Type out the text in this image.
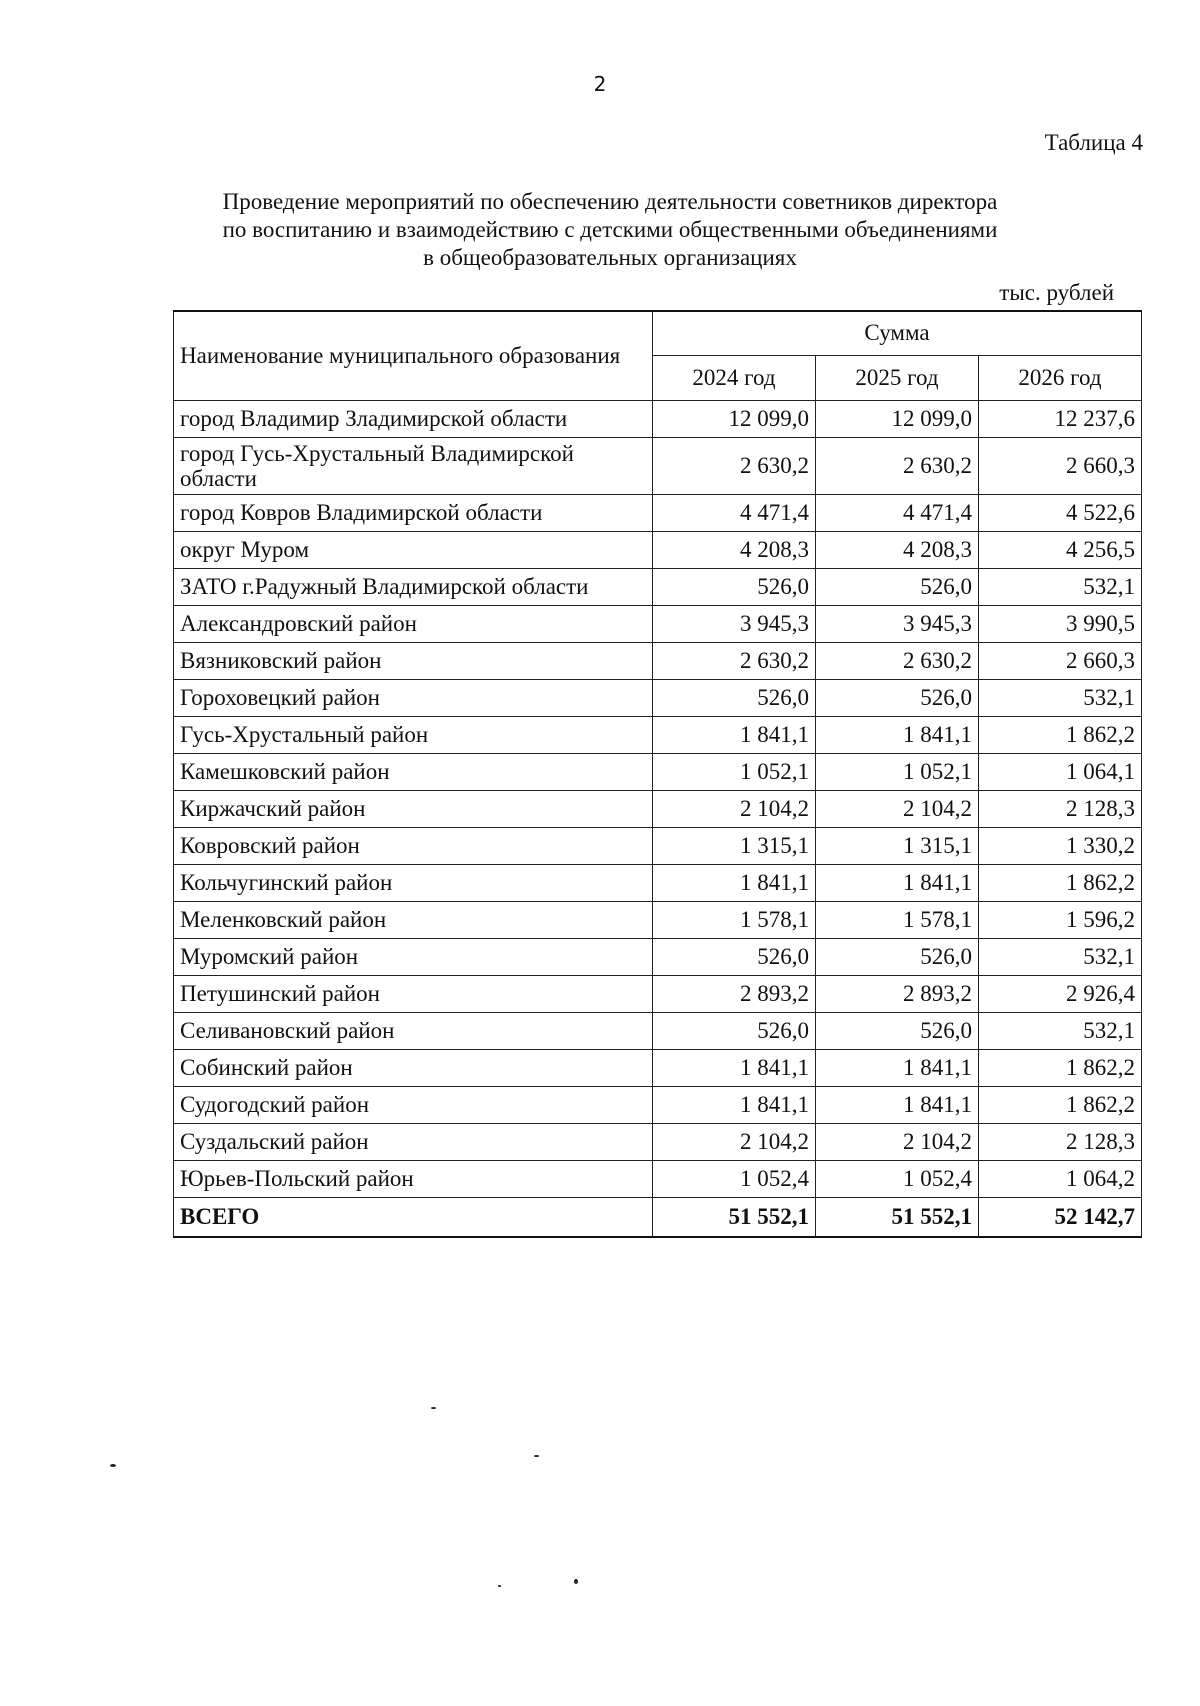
2
Таблица 4
Проведение мероприятий по обеспечению деятельности советников директора
по воспитанию и взаимодействию с детскими общественными объединениями
в общеобразовательных организациях
тыс. рублей
Наименование муниципального образования	Сумма		
	2024 год	2025 год	2026 год
город Владимир Зладимирской области	12 099,0	12 099,0	12 237,6
город Гусь-Хрустальный Владимирской области	2 630,2	2 630,2	2 660,3
город Ковров Владимирской области	4 471,4	4 471,4	4 522,6
округ Муром	4 208,3	4 208,3	4 256,5
ЗАТО г.Радужный Владимирской области	526,0	526,0	532,1
Александровский район	3 945,3	3 945,3	3 990,5
Вязниковский район	2 630,2	2 630,2	2 660,3
Гороховецкий район	526,0	526,0	532,1
Гусь-Хрустальный район	1 841,1	1 841,1	1 862,2
Камешковский район	1 052,1	1 052,1	1 064,1
Киржачский район	2 104,2	2 104,2	2 128,3
Ковровский район	1 315,1	1 315,1	1 330,2
Кольчугинский район	1 841,1	1 841,1	1 862,2
Меленковский район	1 578,1	1 578,1	1 596,2
Муромский район	526,0	526,0	532,1
Петушинский район	2 893,2	2 893,2	2 926,4
Селивановский район	526,0	526,0	532,1
Собинский район	1 841,1	1 841,1	1 862,2
Судогодский район	1 841,1	1 841,1	1 862,2
Суздальский район	2 104,2	2 104,2	2 128,3
Юрьев-Польский район	1 052,4	1 052,4	1 064,2
ВСЕГО	51 552,1	51 552,1	52 142,7
